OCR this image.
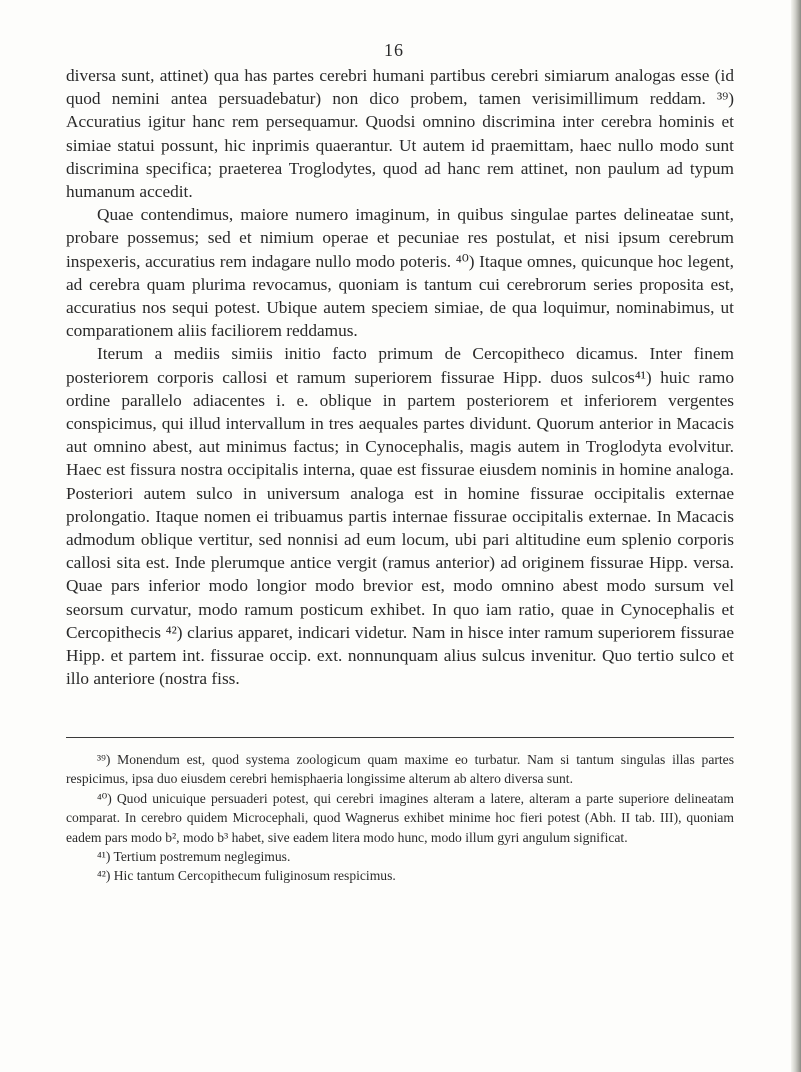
16

diversa sunt, attinet) qua has partes cerebri humani partibus cerebri simiarum analogas esse (id quod nemini antea persuadebatur) non dico probem, tamen verisimillimum reddam. ³⁹) Accuratius igitur hanc rem persequamur. Quodsi omnino discrimina inter cerebra hominis et simiae statui possunt, hic inprimis quaerantur. Ut autem id praemittam, haec nullo modo sunt discrimina specifica; praeterea Troglodytes, quod ad hanc rem attinet, non paulum ad typum humanum accedit.

Quae contendimus, maiore numero imaginum, in quibus singulae partes delineatae sunt, probare possemus; sed et nimium operae et pecuniae res postulat, et nisi ipsum cerebrum inspexeris, accuratius rem indagare nullo modo poteris. ⁴⁰) Itaque omnes, quicunque hoc legent, ad cerebra quam plurima revocamus, quoniam is tantum cui cerebrorum series proposita est, accuratius nos sequi potest. Ubique autem speciem simiae, de qua loquimur, nominabimus, ut comparationem aliis faciliorem reddamus.

Iterum a mediis simiis initio facto primum de Cercopitheco dicamus. Inter finem posteriorem corporis callosi et ramum superiorem fissurae Hipp. duos sulcos⁴¹) huic ramo ordine parallelo adiacentes i. e. oblique in partem posteriorem et inferiorem vergentes conspicimus, qui illud intervallum in tres aequales partes dividunt. Quorum anterior in Macacis aut omnino abest, aut minimus factus; in Cynocephalis, magis autem in Troglodyta evolvitur. Haec est fissura nostra occipitalis interna, quae est fissurae eiusdem nominis in homine analoga. Posteriori autem sulco in universum analoga est in homine fissurae occipitalis externae prolongatio. Itaque nomen ei tribuamus partis internae fissurae occipitalis externae. In Macacis admodum oblique vertitur, sed nonnisi ad eum locum, ubi pari altitudine eum splenio corporis callosi sita est. Inde plerumque antice vergit (ramus anterior) ad originem fissurae Hipp. versa. Quae pars inferior modo longior modo brevior est, modo omnino abest modo sursum vel seorsum curvatur, modo ramum posticum exhibet. In quo iam ratio, quae in Cynocephalis et Cercopithecis ⁴²) clarius apparet, indicari videtur. Nam in hisce inter ramum superiorem fissurae Hipp. et partem int. fissurae occip. ext. nonnunquam alius sulcus invenitur. Quo tertio sulco et illo anteriore (nostra fiss.

³⁹) Monendum est, quod systema zoologicum quam maxime eo turbatur. Nam si tantum singulas illas partes respicimus, ipsa duo eiusdem cerebri hemisphaeria longissime alterum ab altero diversa sunt.

⁴⁰) Quod unicuique persuaderi potest, qui cerebri imagines alteram a latere, alteram a parte superiore delineatam comparat. In cerebro quidem Microcephali, quod Wagnerus exhibet minime hoc fieri potest (Abh. II tab. III), quoniam eadem pars modo b², modo b³ habet, sive eadem litera modo hunc, modo illum gyri angulum significat.

⁴¹) Tertium postremum neglegimus.

⁴²) Hic tantum Cercopithecum fuliginosum respicimus.
